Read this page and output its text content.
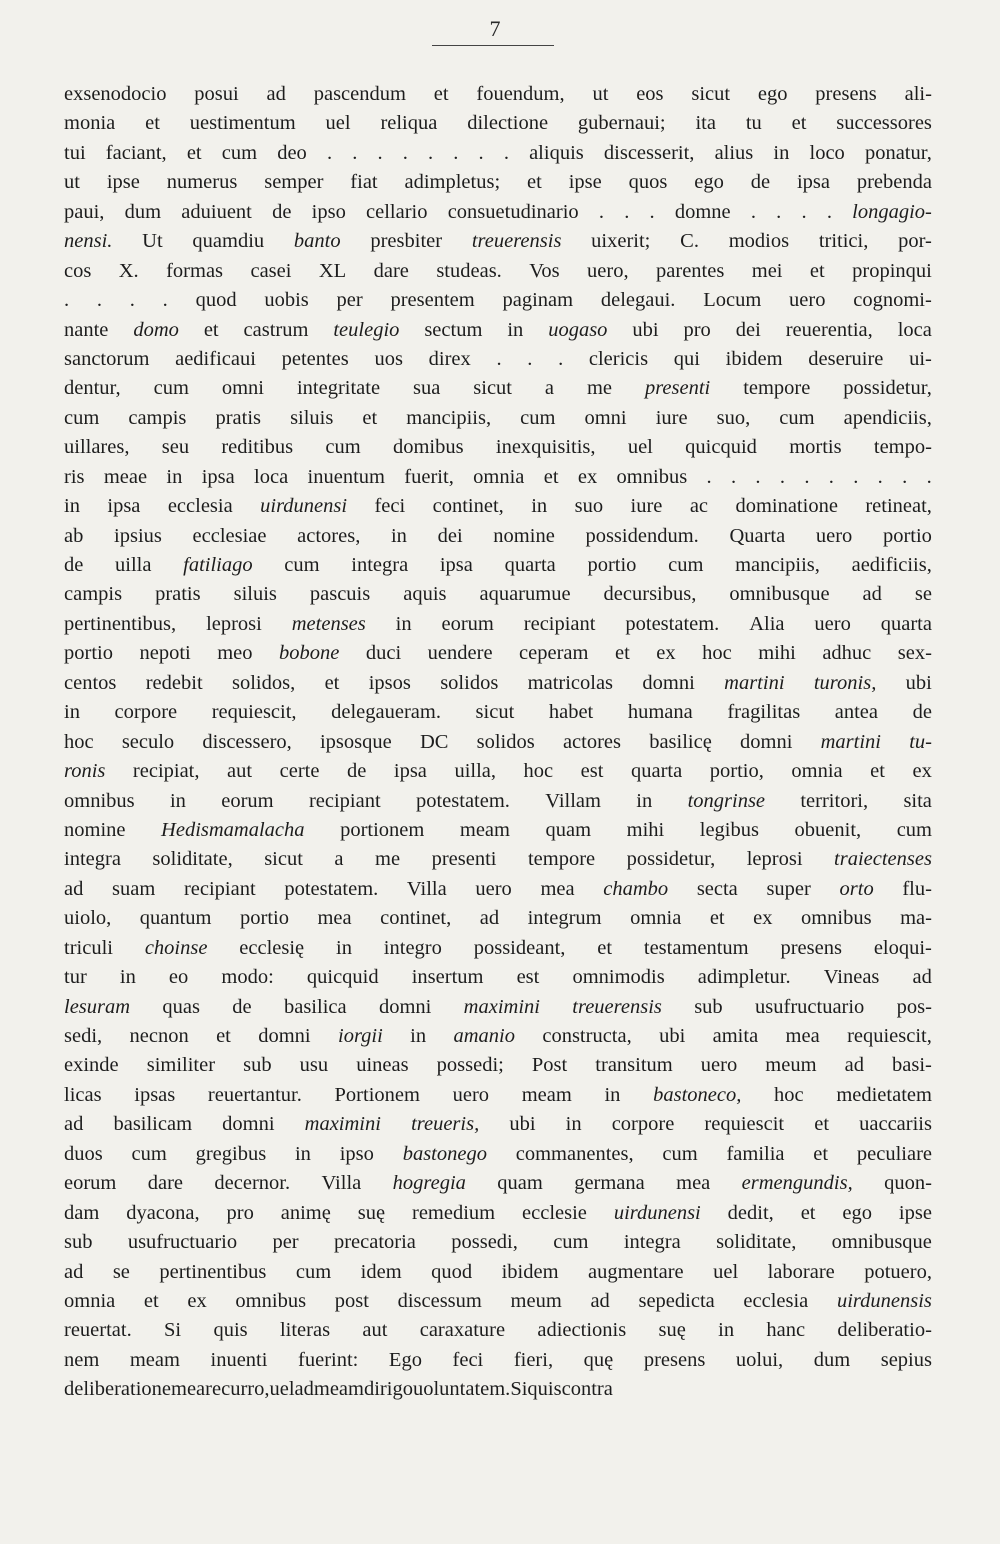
7
exsenodocio posui ad pascendum et fouendum, ut eos sicut ego presens ali-
monia et uestimentum uel reliqua dilectione gubernaui; ita tu et successores
tui faciant, et cum deo . . . . . . . . aliquis discesserit, alius in loco ponatur,
ut ipse numerus semper fiat adimpletus; et ipse quos ego de ipsa prebenda
paui, dum aduiuent de ipso cellario consuetudinario . . . domne . . . . longagio-
nensi. Ut quamdiu banto presbiter treuerensis uixerit; C. modios tritici, por-
cos X. formas casei XL dare studeas. Vos uero, parentes mei et propinqui
. . . . quod uobis per presentem paginam delegaui. Locum uero cognomi-
nante domo et castrum teulegio sectum in uogaso ubi pro dei reuerentia, loca
sanctorum aedificaui petentes uos direx . . . clericis qui ibidem deseruire ui-
dentur, cum omni integritate sua sicut a me presenti tempore possidetur,
cum campis pratis siluis et mancipiis, cum omni iure suo, cum apendiciis,
uillares, seu reditibus cum domibus inexquisitis, uel quicquid mortis tempo-
ris meae in ipsa loca inuentum fuerit, omnia et ex omnibus . . . . . . . . . .
in ipsa ecclesia uirdunensi feci continet, in suo iure ac dominatione retineat,
ab ipsius ecclesiae actores, in dei nomine possidendum. Quarta uero portio
de uilla fatiliago cum integra ipsa quarta portio cum mancipiis, aedificiis,
campis pratis siluis pascuis aquis aquarumue decursibus, omnibusque ad se
pertinentibus, leprosi metenses in eorum recipiant potestatem. Alia uero quarta
portio nepoti meo bobone duci uendere ceperam et ex hoc mihi adhuc sex-
centos redebit solidos, et ipsos solidos matricolas domni martini turonis, ubi
in corpore requiescit, delegaueram. sicut habet humana fragilitas antea de
hoc seculo discessero, ipsosque DC solidos actores basilicę domni martini tu-
ronis recipiat, aut certe de ipsa uilla, hoc est quarta portio, omnia et ex
omnibus in eorum recipiant potestatem. Villam in tongrinse territori, sita
nomine Hedismamalacha portionem meam quam mihi legibus obuenit, cum
integra soliditate, sicut a me presenti tempore possidetur, leprosi traiectenses
ad suam recipiant potestatem. Villa uero mea chambo secta super orto flu-
uiolo, quantum portio mea continet, ad integrum omnia et ex omnibus ma-
triculi choinse ecclesię in integro possideant, et testamentum presens eloqui-
tur in eo modo: quicquid insertum est omnimodis adimpletur. Vineas ad
lesuram quas de basilica domni maximini treuerensis sub usufructuario pos-
sedi, necnon et domni iorgii in amanio constructa, ubi amita mea requiescit,
exinde similiter sub usu uineas possedi; Post transitum uero meum ad basi-
licas ipsas reuertantur. Portionem uero meam in bastoneco, hoc medietatem
ad basilicam domni maximini treueris, ubi in corpore requiescit et uaccariis
duos cum gregibus in ipso bastonego commanentes, cum familia et peculiare
eorum dare decernor. Villa hogregia quam germana mea ermengundis, quon-
dam dyacona, pro animę suę remedium ecclesie uirdunensi dedit, et ego ipse
sub usufructuario per precatoria possedi, cum integra soliditate, omnibusque
ad se pertinentibus cum idem quod ibidem augmentare uel laborare potuero,
omnia et ex omnibus post discessum meum ad sepedicta ecclesia uirdunensis
reuertat. Si quis literas aut caraxature adiectionis suę in hanc deliberatio-
nem meam inuenti fuerint: Ego feci fieri, quę presens uolui, dum sepius
deliberatione mea recurro, uel ad meam dirigo uoluntatem. Si quis contra
